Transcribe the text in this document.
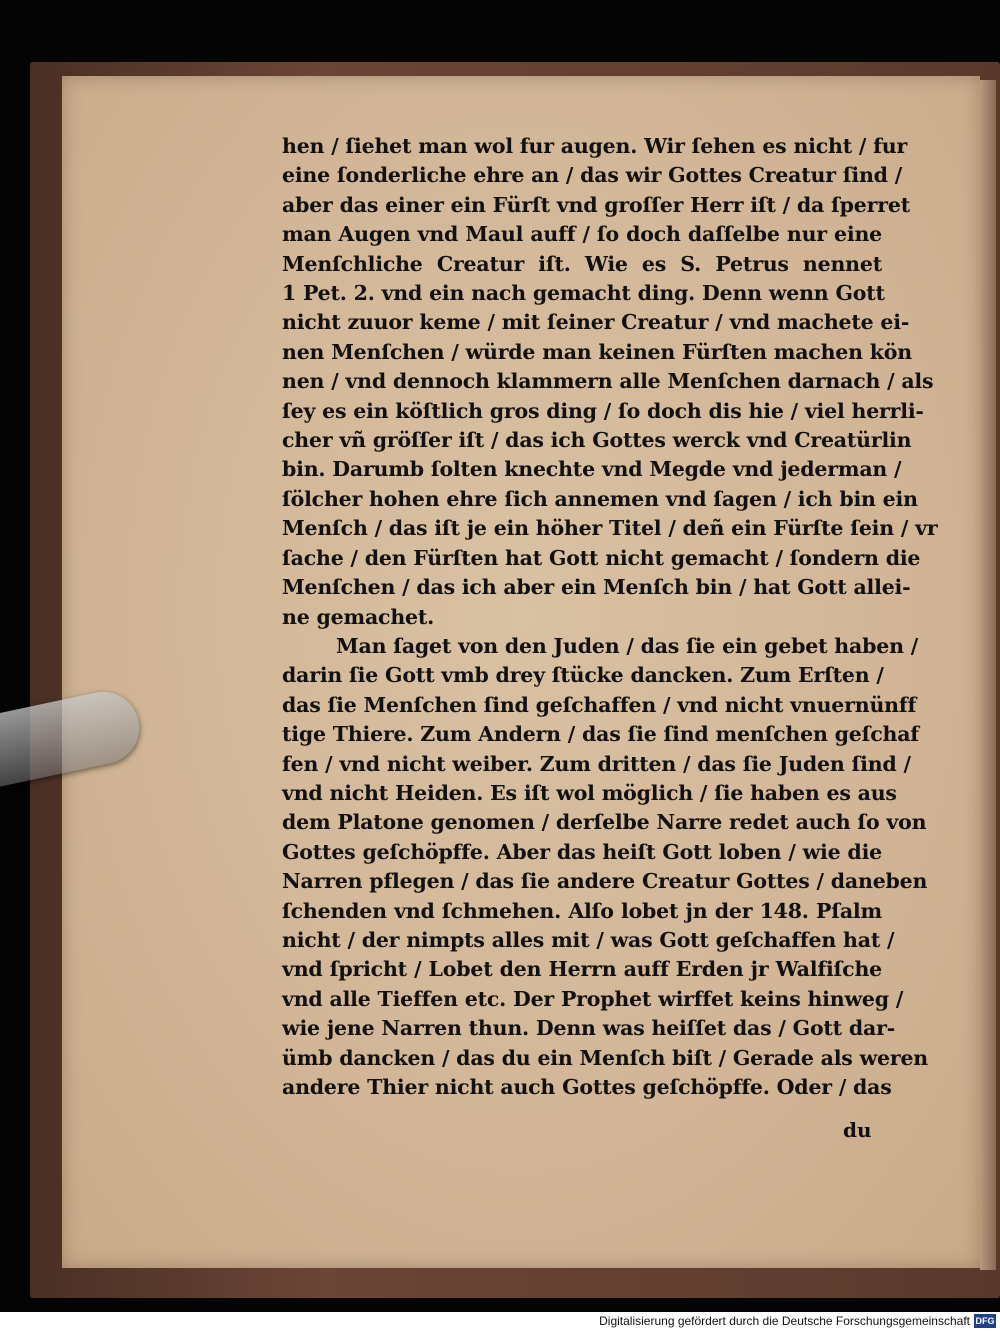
hen / ſiehet man wol fur augen. Wir ſehen es nicht / fur
eine ſonderliche ehre an / das wir Gottes Creatur ſind /
aber das einer ein Fürſt vnd groſſer Herr iſt / da ſperret
man Augen vnd Maul auff / ſo doch daſſelbe nur eine
Menſchliche Creatur iſt. Wie es S. Petrus nennet
1 Pet. 2. vnd ein nach gemacht ding. Denn wenn Gott
nicht zuuor keme / mit ſeiner Creatur / vnd machete ei-
nen Menſchen / würde man keinen Fürſten machen kön
nen / vnd dennoch klammern alle Menſchen darnach / als
ſey es ein köſtlich gros ding / ſo doch dis hie / viel herrli-
cher vñ gröſſer iſt / das ich Gottes werck vnd Creatürlin
bin. Darumb ſolten knechte vnd Megde vnd jederman /
ſölcher hohen ehre ſich annemen vnd ſagen / ich bin ein
Menſch / das iſt je ein höher Titel / deñ ein Fürſte ſein / vr
ſache / den Fürſten hat Gott nicht gemacht / ſondern die
Menſchen / das ich aber ein Menſch bin / hat Gott allei-
ne gemachet.
Man ſaget von den Juden / das ſie ein gebet haben /
darin ſie Gott vmb drey ſtücke dancken. Zum Erſten /
das ſie Menſchen ſind geſchaffen / vnd nicht vnuernünff
tige Thiere. Zum Andern / das ſie ſind menſchen geſchaf
fen / vnd nicht weiber. Zum dritten / das ſie Juden ſind /
vnd nicht Heiden. Es iſt wol möglich / ſie haben es aus
dem Platone genomen / derſelbe Narre redet auch ſo von
Gottes geſchöpffe. Aber das heiſt Gott loben / wie die
Narren pflegen / das ſie andere Creatur Gottes / daneben
ſchenden vnd ſchmehen. Alſo lobet jn der 148. Pſalm
nicht / der nimpts alles mit / was Gott geſchaffen hat /
vnd ſpricht / Lobet den Herrn auff Erden jr Walfiſche
vnd alle Tieffen etc. Der Prophet wirffet keins hinweg /
wie jene Narren thun. Denn was heiſſet das / Gott dar-
ümb dancken / das du ein Menſch biſt / Gerade als weren
andere Thier nicht auch Gottes geſchöpffe. Oder / das
du
Digitalisierung gefördert durch die Deutsche Forschungsgemeinschaft DFG
